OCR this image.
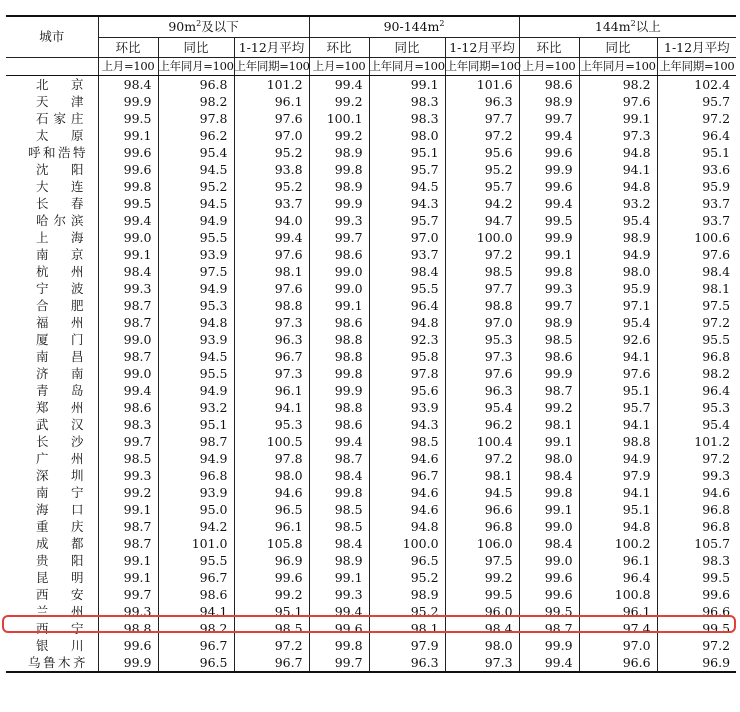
城市	$90m^2$及以下			$90-144m^2$			$144m^2$以上		
	环比	同比	1-12月平均	环比	同比	1-12月平均	环比	同比	1-12月平均
	上月=100	上年同月=100	上年同期=100	上月=100	上年同月=100	上年同期=100	上月=100	上年同月=100	上年同期=100
北　京	98.4	96.8	101.2	99.4	99.1	101.6	98.6	98.2	102.4
天　津	99.9	98.2	96.1	99.2	98.3	96.3	98.9	97.6	95.7
石家庄	99.5	97.8	97.6	100.1	98.3	97.7	99.7	99.1	97.2
太　原	99.1	96.2	97.0	99.2	98.0	97.2	99.4	97.3	96.4
呼和浩特	99.6	95.4	95.2	98.9	95.1	95.6	99.6	94.8	95.1
沈　阳	99.6	94.5	93.8	99.8	95.7	95.2	99.9	94.1	93.6
大　连	99.8	95.2	95.2	98.9	94.5	95.7	99.6	94.8	95.9
长　春	99.5	94.5	93.7	99.9	94.3	94.2	99.4	93.2	93.7
哈尔滨	99.4	94.9	94.0	99.3	95.7	94.7	99.5	95.4	93.7
上　海	99.0	95.5	99.4	99.7	97.0	100.0	99.9	98.9	100.6
南　京	99.1	93.9	97.6	98.6	93.7	97.2	99.1	94.9	97.6
杭　州	98.4	97.5	98.1	99.0	98.4	98.5	99.8	98.0	98.4
宁　波	99.3	94.9	97.6	99.0	95.5	97.7	99.3	95.9	98.1
合　肥	98.7	95.3	98.8	99.1	96.4	98.8	99.7	97.1	97.5
福　州	98.7	94.8	97.3	98.6	94.8	97.0	98.9	95.4	97.2
厦　门	99.0	93.9	96.3	98.8	92.3	95.3	98.5	92.6	95.5
南　昌	98.7	94.5	96.7	98.8	95.8	97.3	98.6	94.1	96.8
济　南	99.0	95.5	97.3	99.8	97.8	97.6	99.9	97.6	98.2
青　岛	99.4	94.9	96.1	99.9	95.6	96.3	98.7	95.1	96.4
郑　州	98.6	93.2	94.1	98.8	93.9	95.4	99.2	95.7	95.3
武　汉	98.3	95.1	95.3	98.6	94.3	96.2	98.1	94.1	95.4
长　沙	99.7	98.7	100.5	99.4	98.5	100.4	99.1	98.8	101.2
广　州	98.5	94.9	97.8	98.7	94.6	97.2	98.0	94.9	97.2
深　圳	99.3	96.8	98.0	98.4	96.7	98.1	98.4	97.9	99.3
南　宁	99.2	93.9	94.6	99.8	94.6	94.5	99.8	94.1	94.6
海　口	99.1	95.0	96.5	98.5	94.6	96.6	99.1	95.1	96.8
重　庆	98.7	94.2	96.1	98.5	94.8	96.8	99.0	94.8	96.8
成　都	98.7	101.0	105.8	98.4	100.0	106.0	98.4	100.2	105.7
贵　阳	99.1	95.5	96.9	98.9	96.5	97.5	99.0	96.1	98.3
昆　明	99.1	96.7	99.6	99.1	95.2	99.2	99.6	96.4	99.5
西　安	99.7	98.6	99.2	99.3	98.9	99.5	99.6	100.8	99.6
兰　州	99.3	94.1	95.1	99.4	95.2	96.0	99.5	96.1	96.6
西　宁	98.8	98.2	98.5	99.6	98.1	98.4	98.7	97.4	99.5
银　川	99.6	96.7	97.2	99.8	97.9	98.0	99.9	97.0	97.2
乌鲁木齐	99.9	96.5	96.7	99.7	96.3	97.3	99.4	96.6	96.9
